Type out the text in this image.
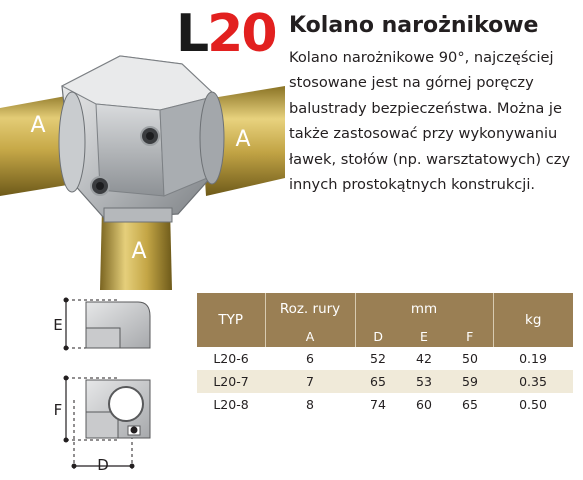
A
A
A
L20 Kolano narożnikowe
Kolano narożnikowe 90°, najczęściej
stosowane jest na górnej poręczy
balustrady bezpieczeństwa. Można je
także zastosować przy wykonywaniu
ławek, stołów (np. warsztatowych) czy
innych prostokątnych konstrukcji.
E
F
D
TYP	Roz. rury	mm			kg
	A	D	E	F	
L20-6	6	52	42	50	0.19
L20-7	7	65	53	59	0.35
L20-8	8	74	60	65	0.50
